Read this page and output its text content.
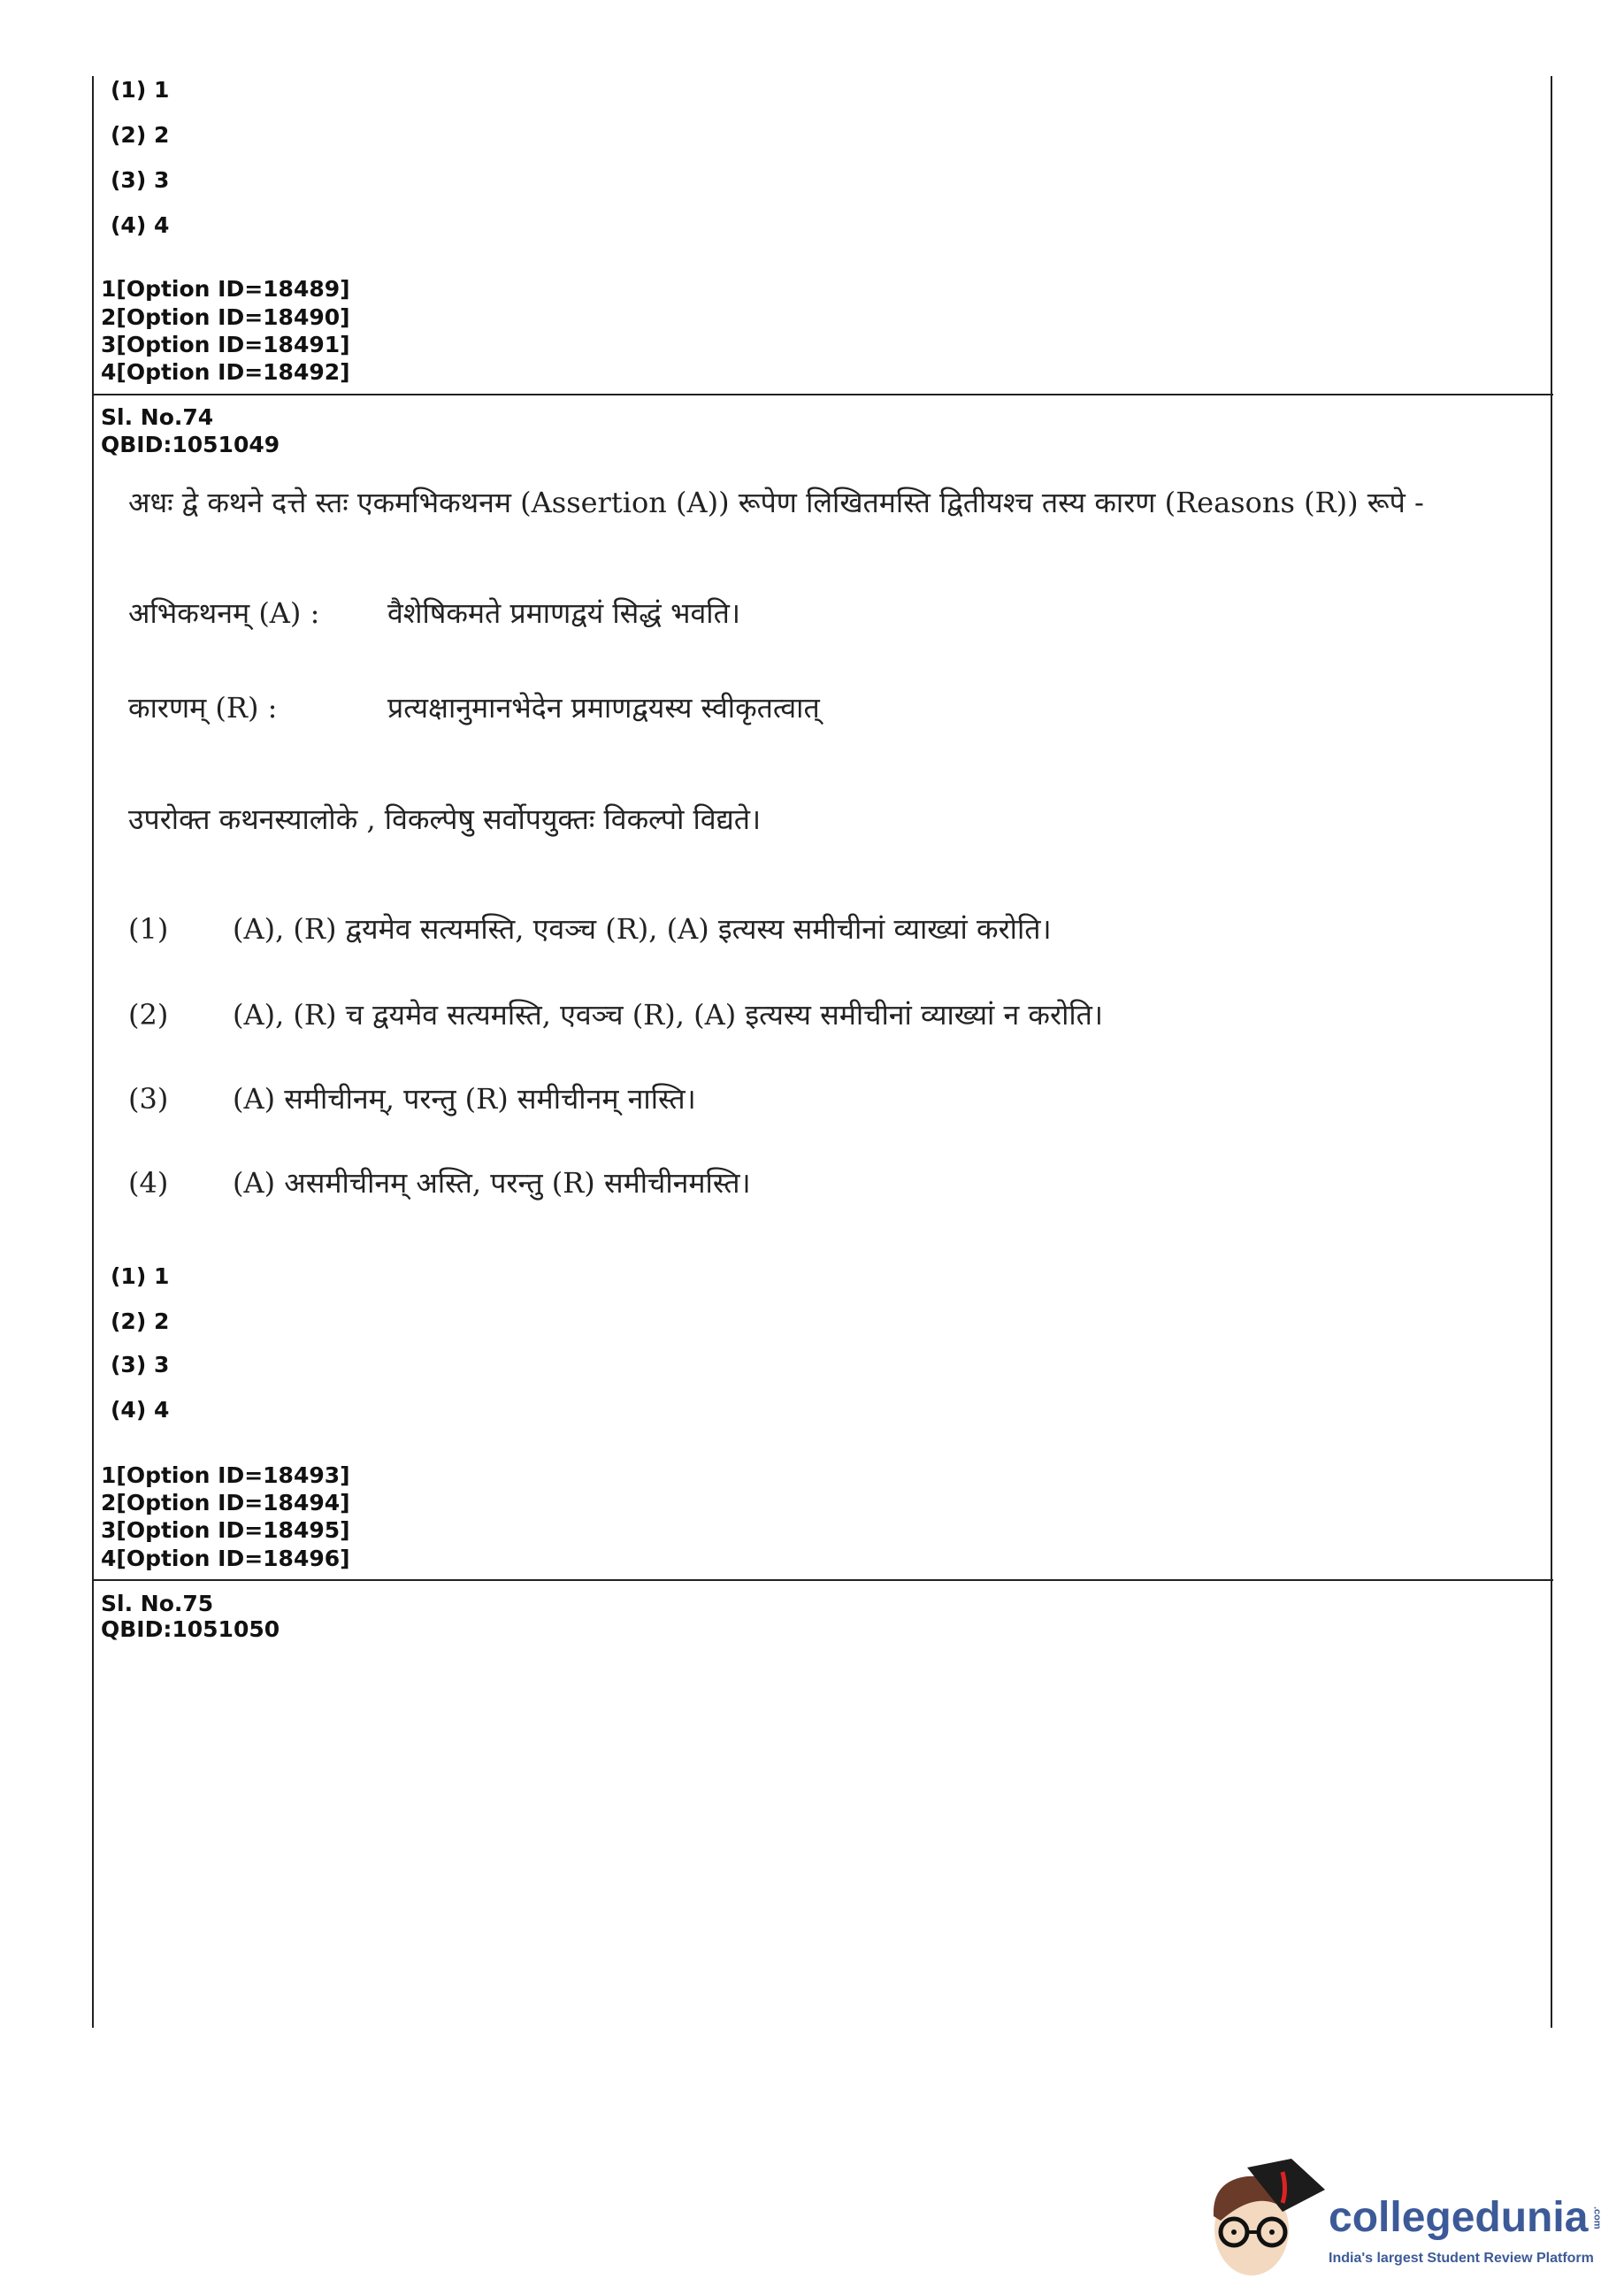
(1) 1
(2) 2
(3) 3
(4) 4
1[Option ID=18489]
2[Option ID=18490]
3[Option ID=18491]
4[Option ID=18492]
Sl. No.74
QBID:1051049
अधः द्वे कथने दत्ते स्तः एकमभिकथनम (Assertion (A)) रूपेण लिखितमस्ति द्वितीयश्च तस्य कारण (Reasons (R)) रूपे -
अभिकथनम् (A) :	वैशेषिकमते प्रमाणद्वयं सिद्धं भवति।
कारणम् (R) :	प्रत्यक्षानुमानभेदेन प्रमाणद्वयस्य स्वीकृतत्वात्
उपरोक्त कथनस्यालोके , विकल्पेषु सर्वोपयुक्तः विकल्पो विद्यते।
(1)	(A), (R) द्वयमेव सत्यमस्ति, एवञ्च (R), (A) इत्यस्य समीचीनां व्याख्यां करोति।
(2)	(A), (R) च द्वयमेव सत्यमस्ति, एवञ्च (R), (A) इत्यस्य समीचीनां व्याख्यां न करोति।
(3)	(A) समीचीनम्, परन्तु (R) समीचीनम् नास्ति।
(4)	(A) असमीचीनम् अस्ति, परन्तु (R) समीचीनमस्ति।
(1) 1
(2) 2
(3) 3
(4) 4
1[Option ID=18493]
2[Option ID=18494]
3[Option ID=18495]
4[Option ID=18496]
Sl. No.75
QBID:1051050
collegedunia .com
India's largest Student Review Platform
